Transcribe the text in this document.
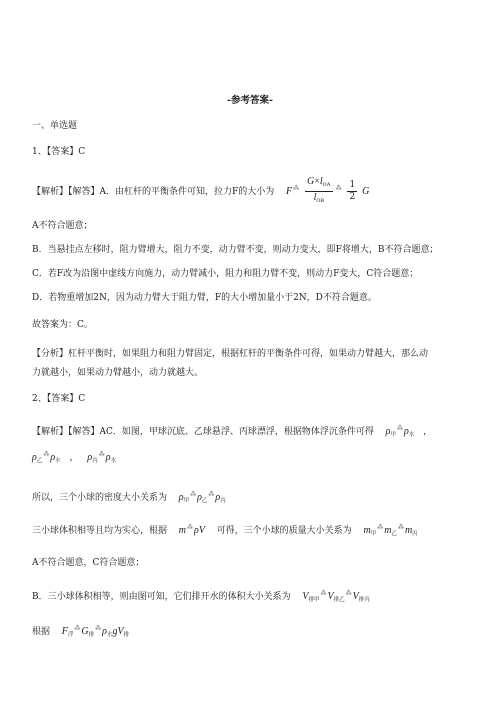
-参考答案-
一、单选题
1、【答案】C
【解析】【解答】A．由杠杆的平衡条件可知，拉力F的大小为 $F^⁂ \frac{G\times l_{OA}}{l_{OB}} ^⁂ \frac{1}{2}$ G
A不符合题意；
B．当悬挂点左移时，阻力臂增大，阻力不变，动力臂不变，则动力变大，即F将增大，B不符合题意；
C．若F改为沿图中虚线方向施力，动力臂减小，阻力和阻力臂不变，则动力F变大，C符合题意；
D．若物重增加2N，因为动力臂大于阻力臂，F的大小增加量小于2N，D不符合题意。
故答案为：C。
【分析】杠杆平衡时，如果阻力和阻力臂固定，根据杠杆的平衡条件可得，如果动力臂越大，那么动
力就越小，如果动力臂越小，动力就越大。
2、【答案】C
【解析】【解答】AC．如图，甲球沉底、乙球悬浮、丙球漂浮，根据物体浮沉条件可得 $\rho_甲^⁂\rho_水$ ，
$\rho_乙^⁂\rho_水$ ， $\rho_丙^⁂\rho_水$
所以，三个小球的密度大小关系为 $\rho_甲^⁂\rho_乙^⁂\rho_丙$
三小球体积相等且均为实心，根据 m⁂ρV 可得，三个小球的质量大小关系为 $m_甲^⁂m_乙^⁂m_丙$
A不符合题意，C符合题意；
B．三小球体积相等，则由图可知，它们排开水的体积大小关系为 $V_{排甲}^⁂V_{排乙}^⁂V_{排丙}$
根据 $F_浮^⁂G_排^⁂\rho_水gV_排$
